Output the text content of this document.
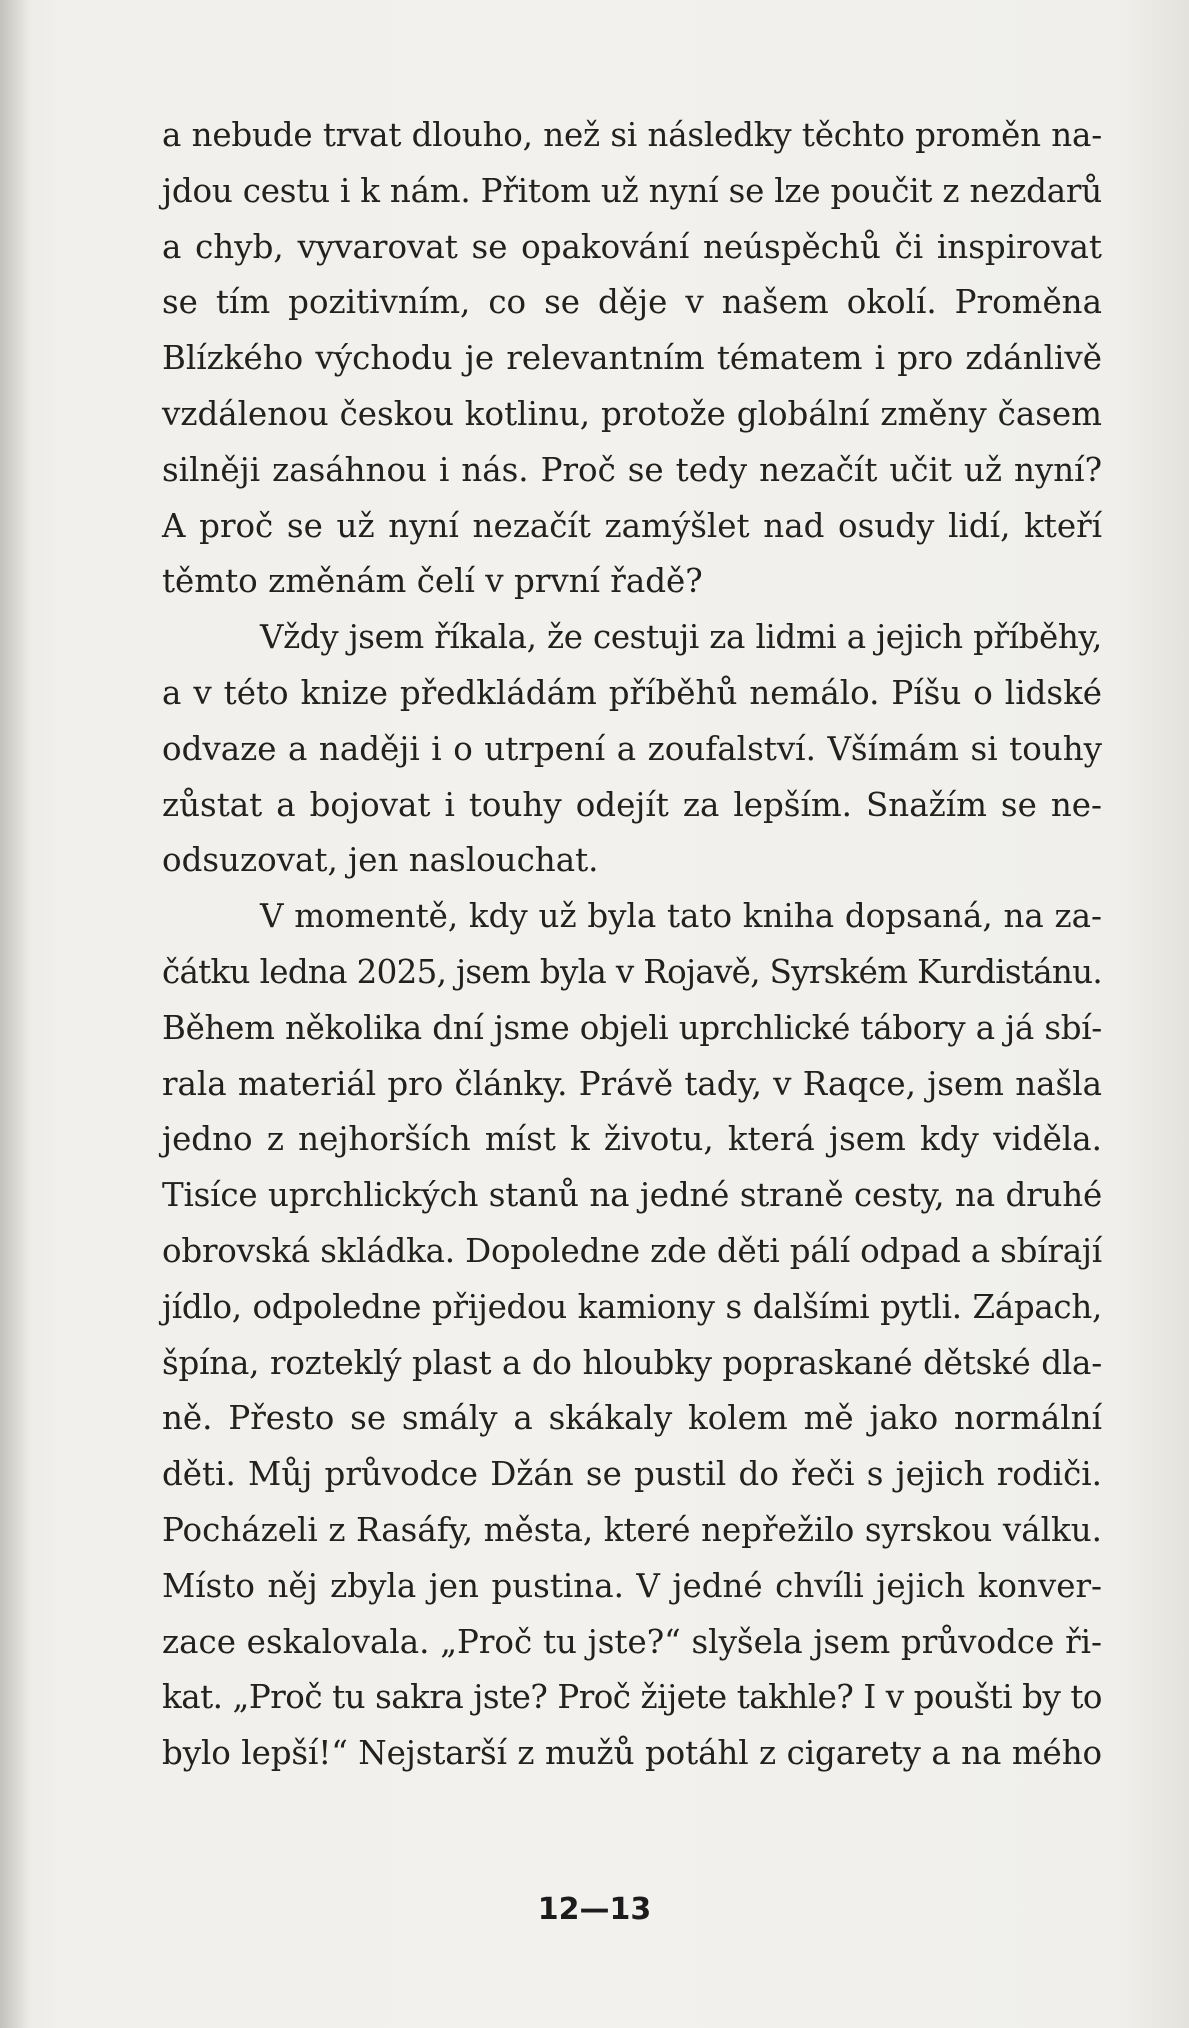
a nebude trvat dlouho, než si následky těchto proměn na-
jdou cestu i k nám. Přitom už nyní se lze poučit z nezdarů
a chyb, vyvarovat se opakování neúspěchů či inspirovat
se tím pozitivním, co se děje v našem okolí. Proměna
Blízkého východu je relevantním tématem i pro zdánlivě
vzdálenou českou kotlinu, protože globální změny časem
silněji zasáhnou i nás. Proč se tedy nezačít učit už nyní?
A proč se už nyní nezačít zamýšlet nad osudy lidí, kteří
těmto změnám čelí v první řadě?
Vždy jsem říkala, že cestuji za lidmi a jejich příběhy,
a v této knize předkládám příběhů nemálo. Píšu o lidské
odvaze a naději i o utrpení a zoufalství. Všímám si touhy
zůstat a bojovat i touhy odejít za lepším. Snažím se ne-
odsuzovat, jen naslouchat.
V momentě, kdy už byla tato kniha dopsaná, na za-
čátku ledna 2025, jsem byla v Rojavě, Syrském Kurdistánu.
Během několika dní jsme objeli uprchlické tábory a já sbí-
rala materiál pro články. Právě tady, v Raqce, jsem našla
jedno z nejhorších míst k životu, která jsem kdy viděla.
Tisíce uprchlických stanů na jedné straně cesty, na druhé
obrovská skládka. Dopoledne zde děti pálí odpad a sbírají
jídlo, odpoledne přijedou kamiony s dalšími pytli. Zápach,
špína, rozteklý plast a do hloubky popraskané dětské dla-
ně. Přesto se smály a skákaly kolem mě jako normální
děti. Můj průvodce Džán se pustil do řeči s jejich rodiči.
Pocházeli z Rasáfy, města, které nepřežilo syrskou válku.
Místo něj zbyla jen pustina. V jedné chvíli jejich konver-
zace eskalovala. „Proč tu jste?“ slyšela jsem průvodce ři-
kat. „Proč tu sakra jste? Proč žijete takhle? I v poušti by to
bylo lepší!“ Nejstarší z mužů potáhl z cigarety a na mého
12—13
